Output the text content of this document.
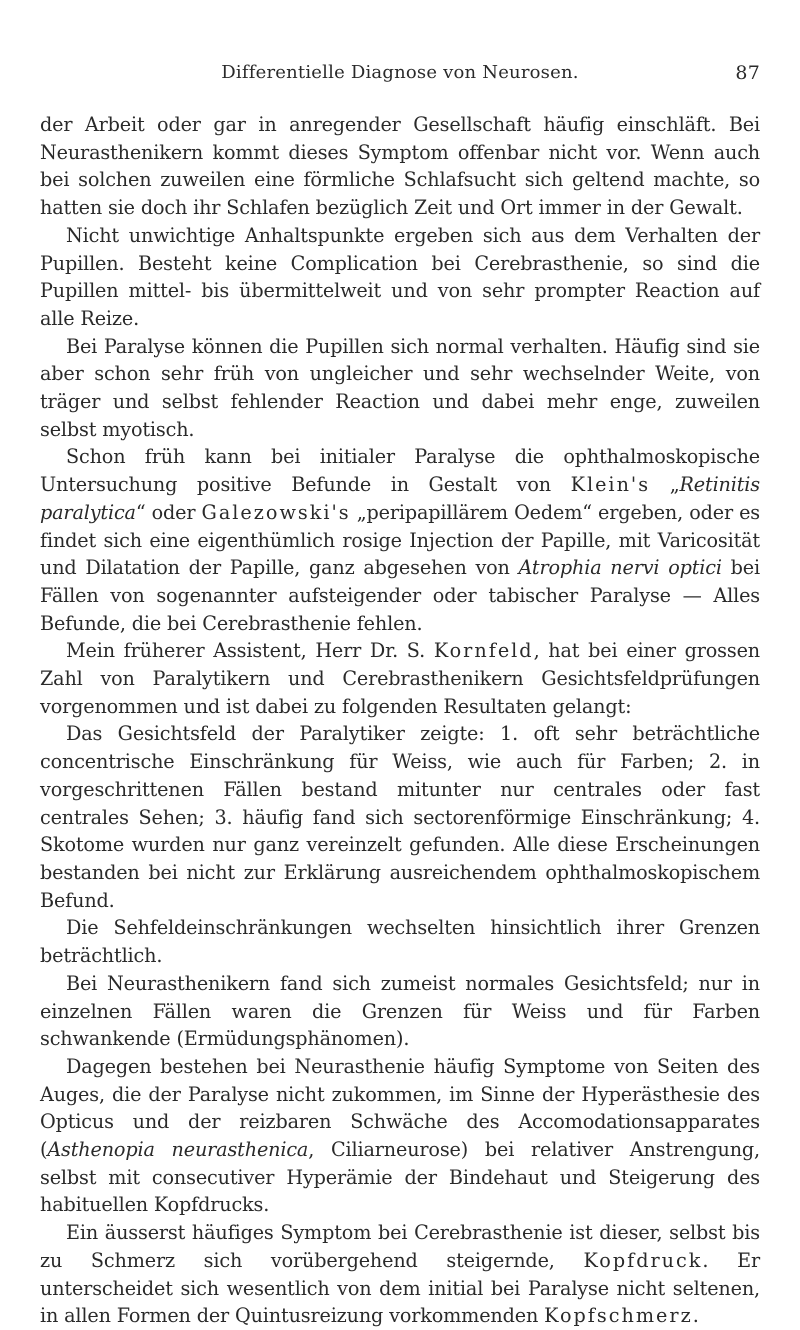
Differentielle Diagnose von Neurosen.	87

der Arbeit oder gar in anregender Gesellschaft häufig einschläft. Bei Neurasthenikern kommt dieses Symptom offenbar nicht vor. Wenn auch bei solchen zuweilen eine förmliche Schlafsucht sich geltend machte, so hatten sie doch ihr Schlafen bezüglich Zeit und Ort immer in der Gewalt.

Nicht unwichtige Anhaltspunkte ergeben sich aus dem Verhalten der Pupillen. Besteht keine Complication bei Cerebrasthenie, so sind die Pupillen mittel- bis übermittelweit und von sehr prompter Reaction auf alle Reize.

Bei Paralyse können die Pupillen sich normal verhalten. Häufig sind sie aber schon sehr früh von ungleicher und sehr wechselnder Weite, von träger und selbst fehlender Reaction und dabei mehr enge, zuweilen selbst myotisch.

Schon früh kann bei initialer Paralyse die ophthalmoskopische Untersuchung positive Befunde in Gestalt von Klein's „Retinitis paralytica“ oder Galezowski's „peripapillärem Oedem“ ergeben, oder es findet sich eine eigenthümlich rosige Injection der Papille, mit Varicosität und Dilatation der Papille, ganz abgesehen von Atrophia nervi optici bei Fällen von sogenannter aufsteigender oder tabischer Paralyse — Alles Befunde, die bei Cerebrasthenie fehlen.

Mein früherer Assistent, Herr Dr. S. Kornfeld, hat bei einer grossen Zahl von Paralytikern und Cerebrasthenikern Gesichtsfeldprüfungen vorgenommen und ist dabei zu folgenden Resultaten gelangt:

Das Gesichtsfeld der Paralytiker zeigte: 1. oft sehr beträchtliche concentrische Einschränkung für Weiss, wie auch für Farben; 2. in vorgeschrittenen Fällen bestand mitunter nur centrales oder fast centrales Sehen; 3. häufig fand sich sectorenförmige Einschränkung; 4. Skotome wurden nur ganz vereinzelt gefunden. Alle diese Erscheinungen bestanden bei nicht zur Erklärung ausreichendem ophthalmoskopischem Befund.

Die Sehfeldeinschränkungen wechselten hinsichtlich ihrer Grenzen beträchtlich.

Bei Neurasthenikern fand sich zumeist normales Gesichtsfeld; nur in einzelnen Fällen waren die Grenzen für Weiss und für Farben schwankende (Ermüdungsphänomen).

Dagegen bestehen bei Neurasthenie häufig Symptome von Seiten des Auges, die der Paralyse nicht zukommen, im Sinne der Hyperästhesie des Opticus und der reizbaren Schwäche des Accomodationsapparates (Asthenopia neurasthenica, Ciliarneurose) bei relativer Anstrengung, selbst mit consecutiver Hyperämie der Bindehaut und Steigerung des habituellen Kopfdrucks.

Ein äusserst häufiges Symptom bei Cerebrasthenie ist dieser, selbst bis zu Schmerz sich vorübergehend steigernde, Kopfdruck. Er unterscheidet sich wesentlich von dem initial bei Paralyse nicht seltenen, in allen Formen der Quintusreizung vorkommenden Kopfschmerz.
